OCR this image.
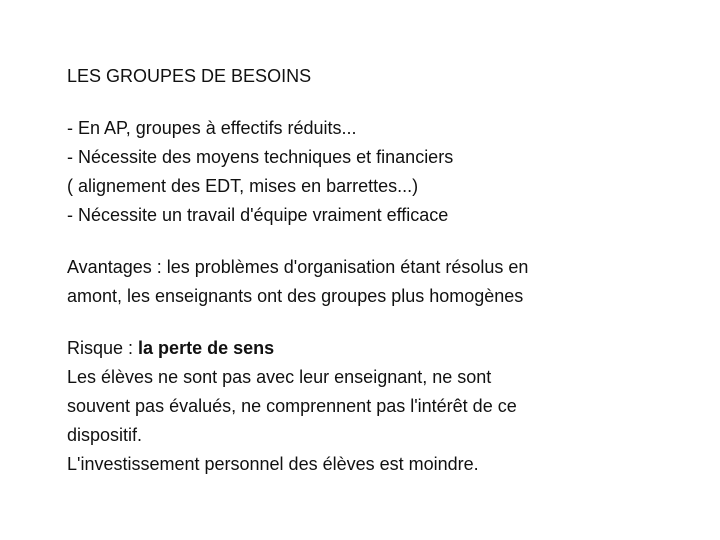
LES GROUPES DE BESOINS
- En AP, groupes à effectifs réduits...
- Nécessite des moyens techniques et financiers
( alignement des EDT, mises en barrettes...)
- Nécessite un travail d'équipe vraiment efficace
Avantages : les problèmes d'organisation étant résolus en
amont, les enseignants ont des groupes plus homogènes
Risque : la perte de sens
Les élèves ne sont pas avec leur enseignant, ne sont
souvent pas évalués, ne comprennent pas l'intérêt de ce
dispositif.
L'investissement personnel des élèves est moindre.
